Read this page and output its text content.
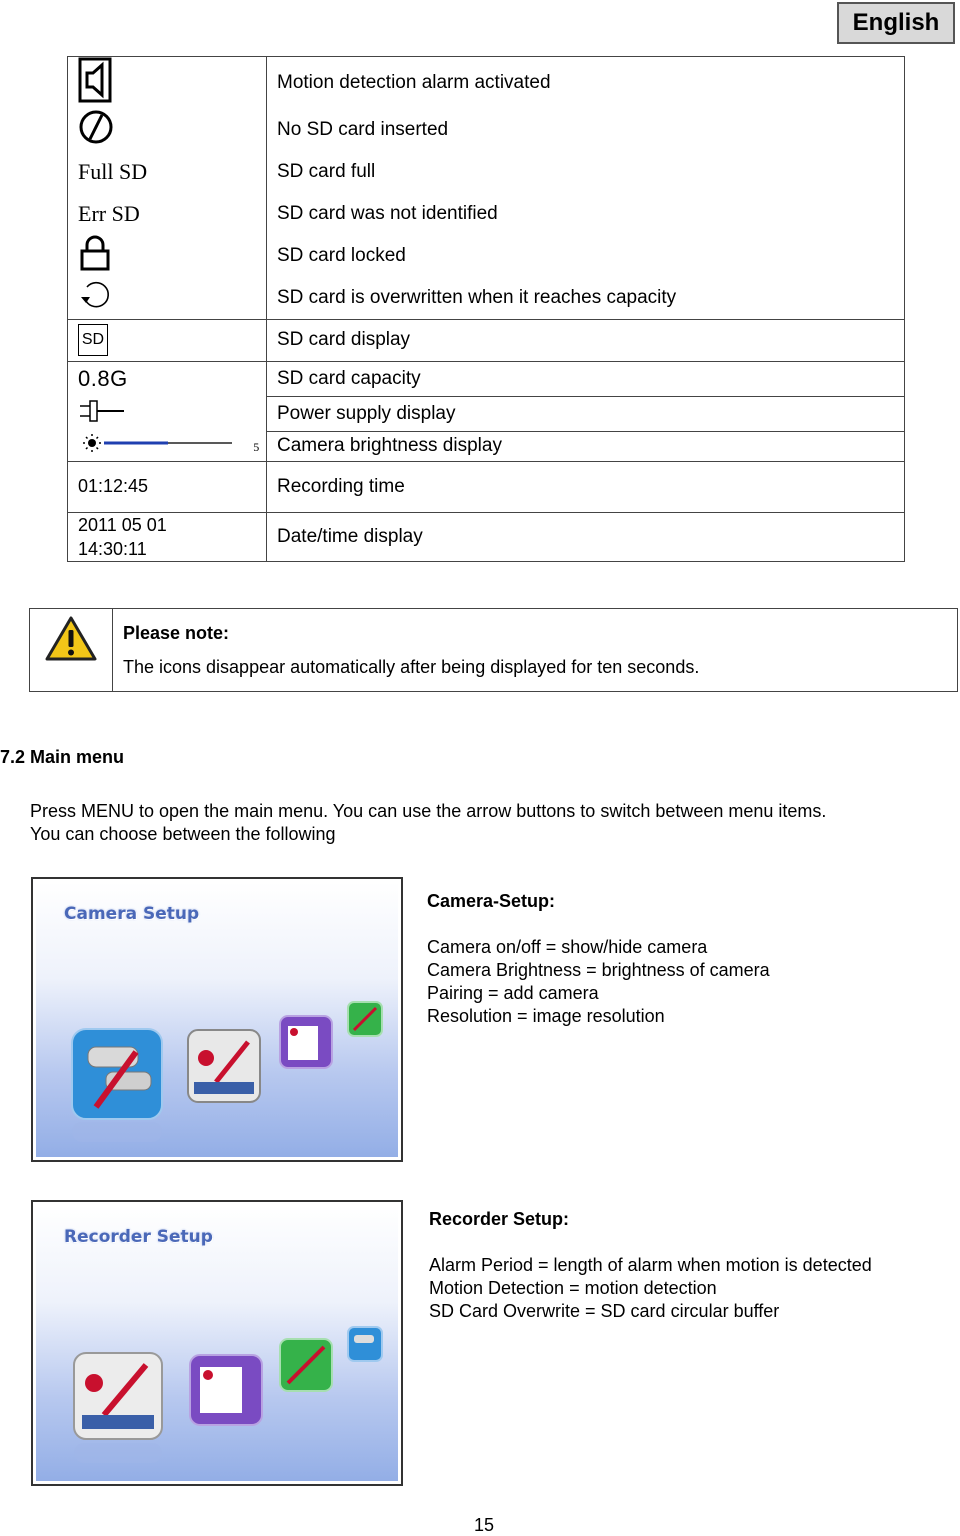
English
	Motion detection alarm activated
	No SD card inserted
Full SD	SD card full
Err SD	SD card was not identified
	SD card locked
	SD card is overwritten when it reaches capacity
SD	SD card display
0.8G	SD card capacity
	Power supply display
5	Camera brightness display
01:12:45	Recording time

2011 05 01
14:30:11	Date/time display
Please note:
The icons disappear automatically after being displayed for ten seconds.
7.2 Main menu
Press MENU to open the main menu. You can use the arrow buttons to switch between menu items.
You can choose between the following
Camera Setup
Camera-Setup:
Camera on/off = show/hide camera
Camera Brightness = brightness of camera
Pairing = add camera
Resolution = image resolution
Recorder Setup
Recorder Setup:
Alarm Period = length of alarm when motion is detected
Motion Detection = motion detection
SD Card Overwrite = SD card circular buffer
15
